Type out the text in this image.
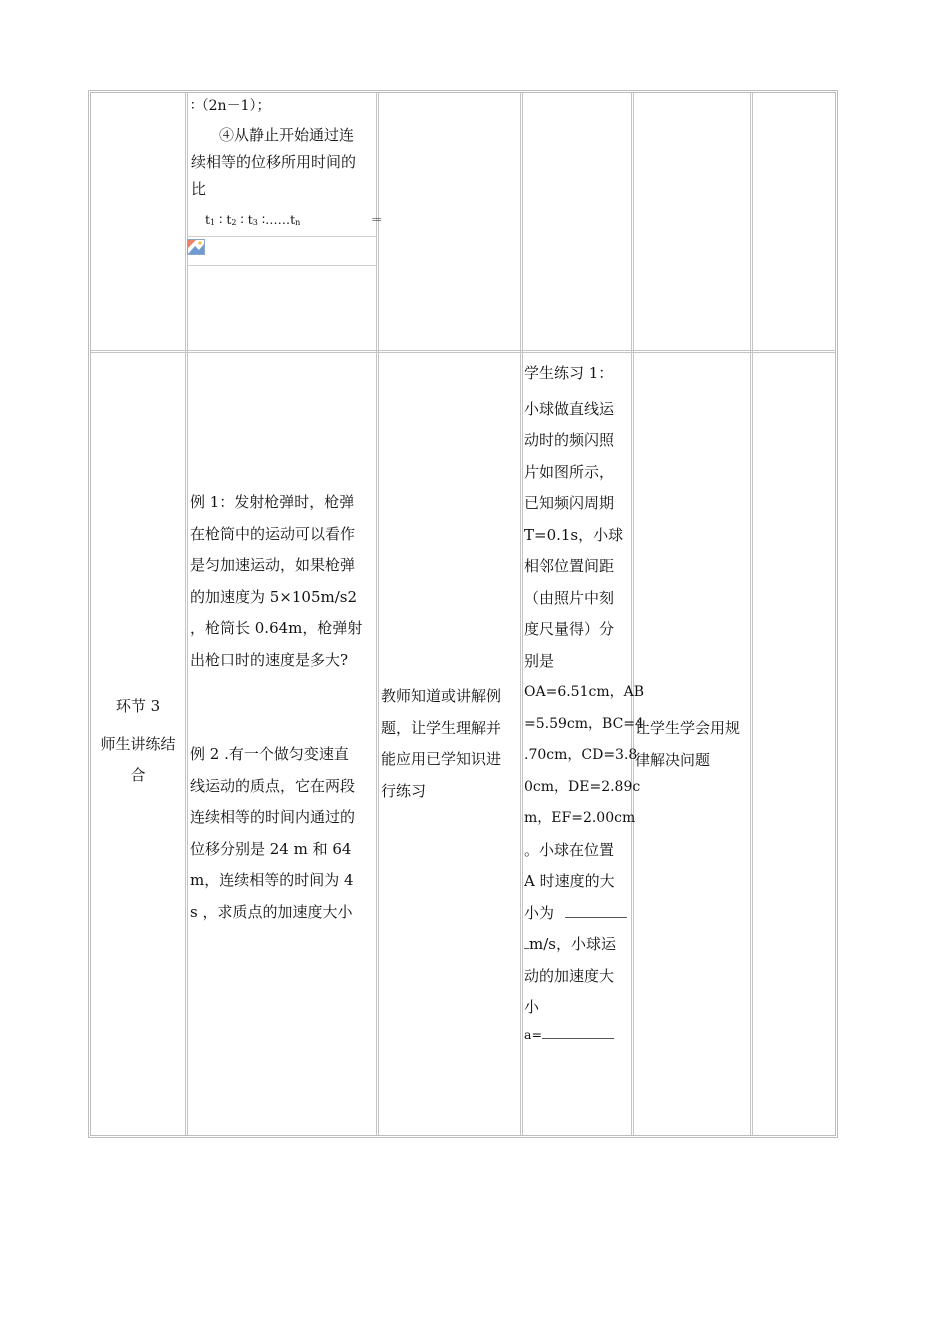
∶（2n－1）；
④从静止开始通过连
续相等的位移所用时间的
比
t1 ∶ t2 ∶ t3 ∶……tn	＝
环节 3
师生讲练结
合
例 1：发射枪弹时，枪弹
在枪筒中的运动可以看作
是匀加速运动，如果枪弹
的加速度为 5×105m/s2
，枪筒长 0.64m，枪弹射
出枪口时的速度是多大?
例 2 .有一个做匀变速直
线运动的质点，它在两段
连续相等的时间内通过的
位移分别是 24 m 和 64
m，连续相等的时间为 4
s ，求质点的加速度大小
教师知道或讲解例
题，让学生理解并
能应用已学知识进
行练习
学生练习 1：
小球做直线运
动时的频闪照
片如图所示，
已知频闪周期
T=0.1s，小球
相邻位置间距
（由照片中刻
度尺量得）分
别是
OA=6.51cm，AB
=5.59cm，BC=4
.70cm，CD=3.8
0cm，DE=2.89c
m，EF=2.00cm
。小球在位置
A 时速度的大
小为
m/s，小球运
动的加速度大
小
a=
让学生学会用规
律解决问题
